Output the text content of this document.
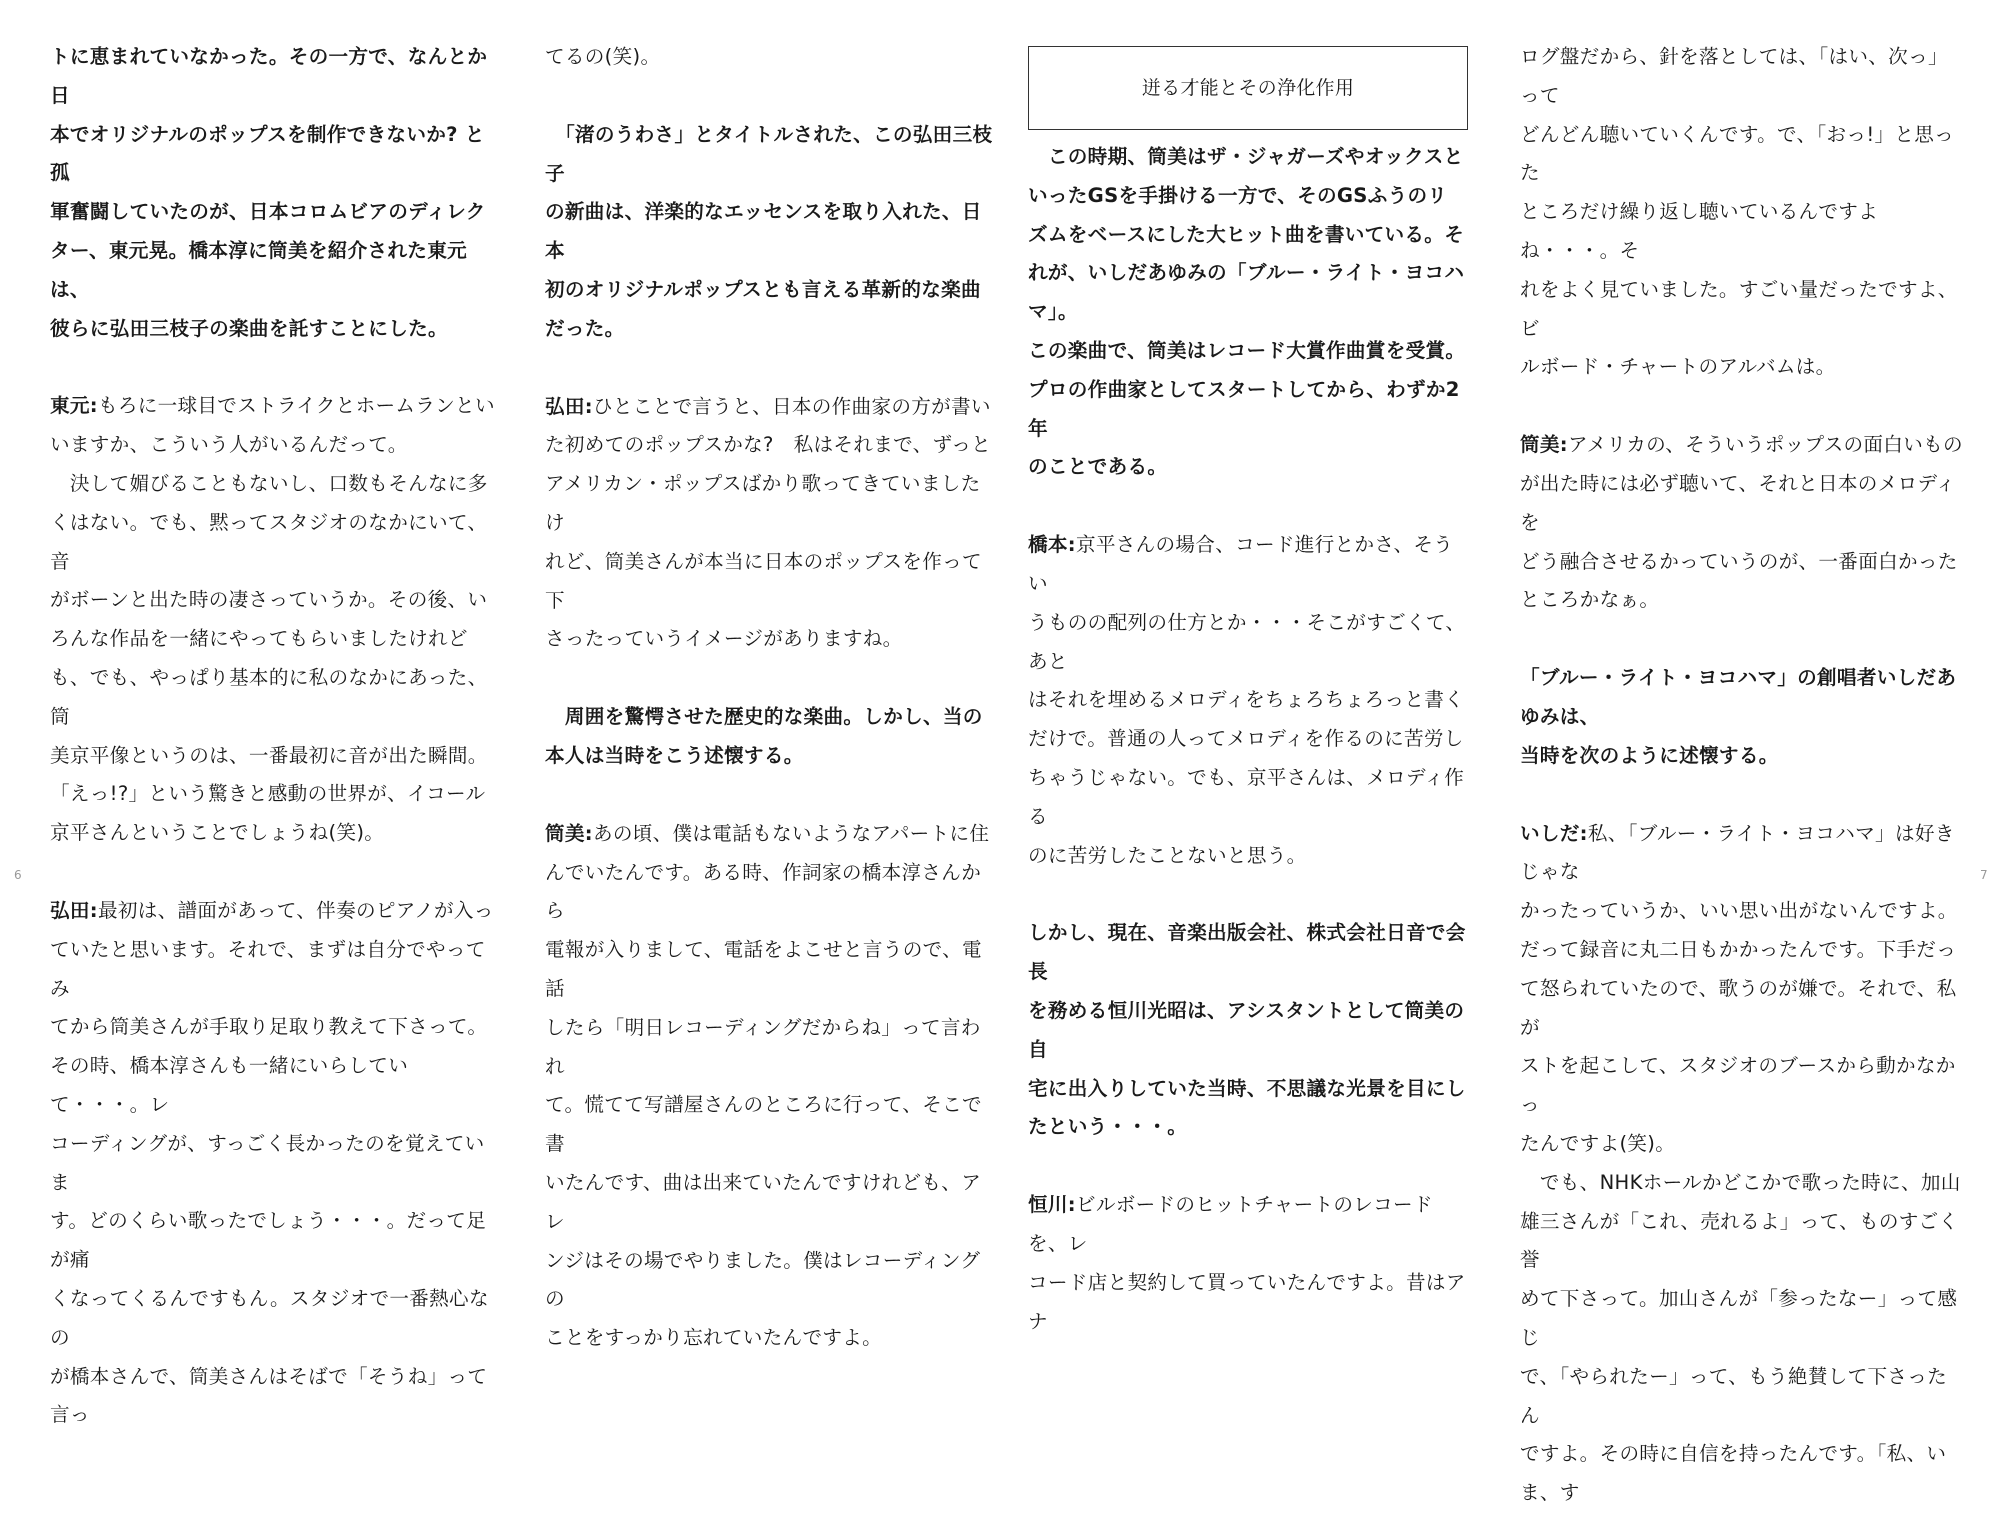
トに恵まれていなかった。その一方で、なんとか日
本でオリジナルのポップスを制作できないか? と孤
軍奮闘していたのが、日本コロムビアのディレク
ター、東元晃。橋本淳に筒美を紹介された東元は、
彼らに弘田三枝子の楽曲を託すことにした。

東元:もろに一球目でストライクとホームランとい
いますか、こういう人がいるんだって。
　決して媚びることもないし、口数もそんなに多
くはない。でも、黙ってスタジオのなかにいて、音
がボーンと出た時の凄さっていうか。その後、い
ろんな作品を一緒にやってもらいましたけれど
も、でも、やっぱり基本的に私のなかにあった、筒
美京平像というのは、一番最初に音が出た瞬間。
「えっ!?」という驚きと感動の世界が、イコール
京平さんということでしょうね(笑)。

弘田:最初は、譜面があって、伴奏のピアノが入っ
ていたと思います。それで、まずは自分でやってみ
てから筒美さんが手取り足取り教えて下さって。
その時、橋本淳さんも一緒にいらしていて・・・。レ
コーディングが、すっごく長かったのを覚えていま
す。どのくらい歌ったでしょう・・・。だって足が痛
くなってくるんですもん。スタジオで一番熱心なの
が橋本さんで、筒美さんはそばで「そうね」って言っ

てるの(笑)。

　「渚のうわさ」とタイトルされた、この弘田三枝子
の新曲は、洋楽的なエッセンスを取り入れた、日本
初のオリジナルポップスとも言える革新的な楽曲
だった。

弘田:ひとことで言うと、日本の作曲家の方が書い
た初めてのポップスかな?　私はそれまで、ずっと
アメリカン・ポップスばかり歌ってきていましたけ
れど、筒美さんが本当に日本のポップスを作って下
さったっていうイメージがありますね。

　周囲を驚愕させた歴史的な楽曲。しかし、当の
本人は当時をこう述懐する。

筒美:あの頃、僕は電話もないようなアパートに住
んでいたんです。ある時、作詞家の橋本淳さんから
電報が入りまして、電話をよこせと言うので、電話
したら「明日レコーディングだからね」って言われ
て。慌てて写譜屋さんのところに行って、そこで書
いたんです、曲は出来ていたんですけれども、アレ
ンジはその場でやりました。僕はレコーディングの
ことをすっかり忘れていたんですよ。

迸る才能とその浄化作用

　この時期、筒美はザ・ジャガーズやオックスと
いったGSを手掛ける一方で、そのGSふうのリ
ズムをベースにした大ヒット曲を書いている。そ
れが、いしだあゆみの「ブルー・ライト・ヨコハマ」。
この楽曲で、筒美はレコード大賞作曲賞を受賞。
プロの作曲家としてスタートしてから、わずか2年
のことである。

橋本:京平さんの場合、コード進行とかさ、そうい
うものの配列の仕方とか・・・そこがすごくて、あと
はそれを埋めるメロディをちょろちょろっと書く
だけで。普通の人ってメロディを作るのに苦労し
ちゃうじゃない。でも、京平さんは、メロディ作る
のに苦労したことないと思う。

しかし、現在、音楽出版会社、株式会社日音で会長
を務める恒川光昭は、アシスタントとして筒美の自
宅に出入りしていた当時、不思議な光景を目にし
たという・・・。

恒川:ビルボードのヒットチャートのレコードを、レ
コード店と契約して買っていたんですよ。昔はアナ

ログ盤だから、針を落としては、「はい、次っ」って
どんどん聴いていくんです。で、「おっ!」と思った
ところだけ繰り返し聴いているんですよね・・・。そ
れをよく見ていました。すごい量だったですよ、ビ
ルボード・チャートのアルバムは。

筒美:アメリカの、そういうポップスの面白いもの
が出た時には必ず聴いて、それと日本のメロディを
どう融合させるかっていうのが、一番面白かった
ところかなぁ。

「ブルー・ライト・ヨコハマ」の創唱者いしだあゆみは、
当時を次のように述懐する。

いしだ:私、「ブルー・ライト・ヨコハマ」は好きじゃな
かったっていうか、いい思い出がないんですよ。
だって録音に丸二日もかかったんです。下手だっ
て怒られていたので、歌うのが嫌で。それで、私が
ストを起こして、スタジオのブースから動かなかっ
たんですよ(笑)。
　でも、NHKホールかどこかで歌った時に、加山
雄三さんが「これ、売れるよ」って、ものすごく誉
めて下さって。加山さんが「参ったなー」って感じ
で、「やられたー」って、もう絶賛して下さったん
ですよ。その時に自信を持ったんです。「私、いま、す

6	7
